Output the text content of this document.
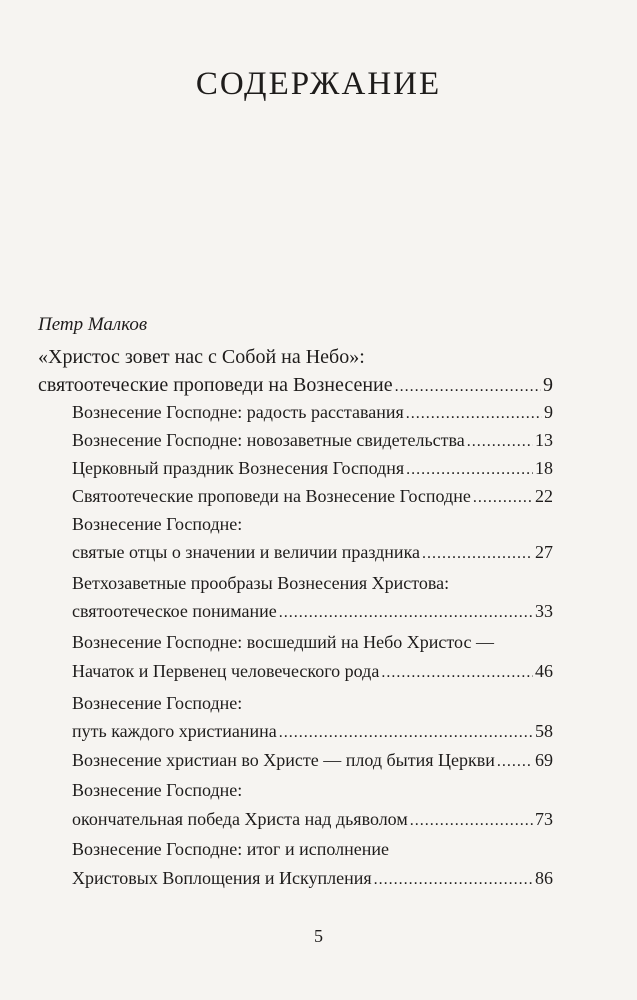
СОДЕРЖАНИЕ
Петр Малков
«Христос зовет нас с Собой на Небо»:
святоотеческие проповеди на Вознесение .....	9
Вознесение Господне: радость расставания .....	9
Вознесение Господне: новозаветные свидетельства .....	13
Церковный праздник Вознесения Господня .....	18
Святоотеческие проповеди на Вознесение Господне .....	22
Вознесение Господне:
святые отцы о значении и величии праздника .....	27
Ветхозаветные прообразы Вознесения Христова:
святоотеческое понимание .....	33
Вознесение Господне: восшедший на Небо Христос —
Начаток и Первенец человеческого рода .....	46
Вознесение Господне:
путь каждого христианина .....	58
Вознесение христиан во Христе — плод бытия Церкви ..... 69
Вознесение Господне:
окончательная победа Христа над дьяволом .....	73
Вознесение Господне: итог и исполнение
Христовых Воплощения и Искупления .....	86
5
